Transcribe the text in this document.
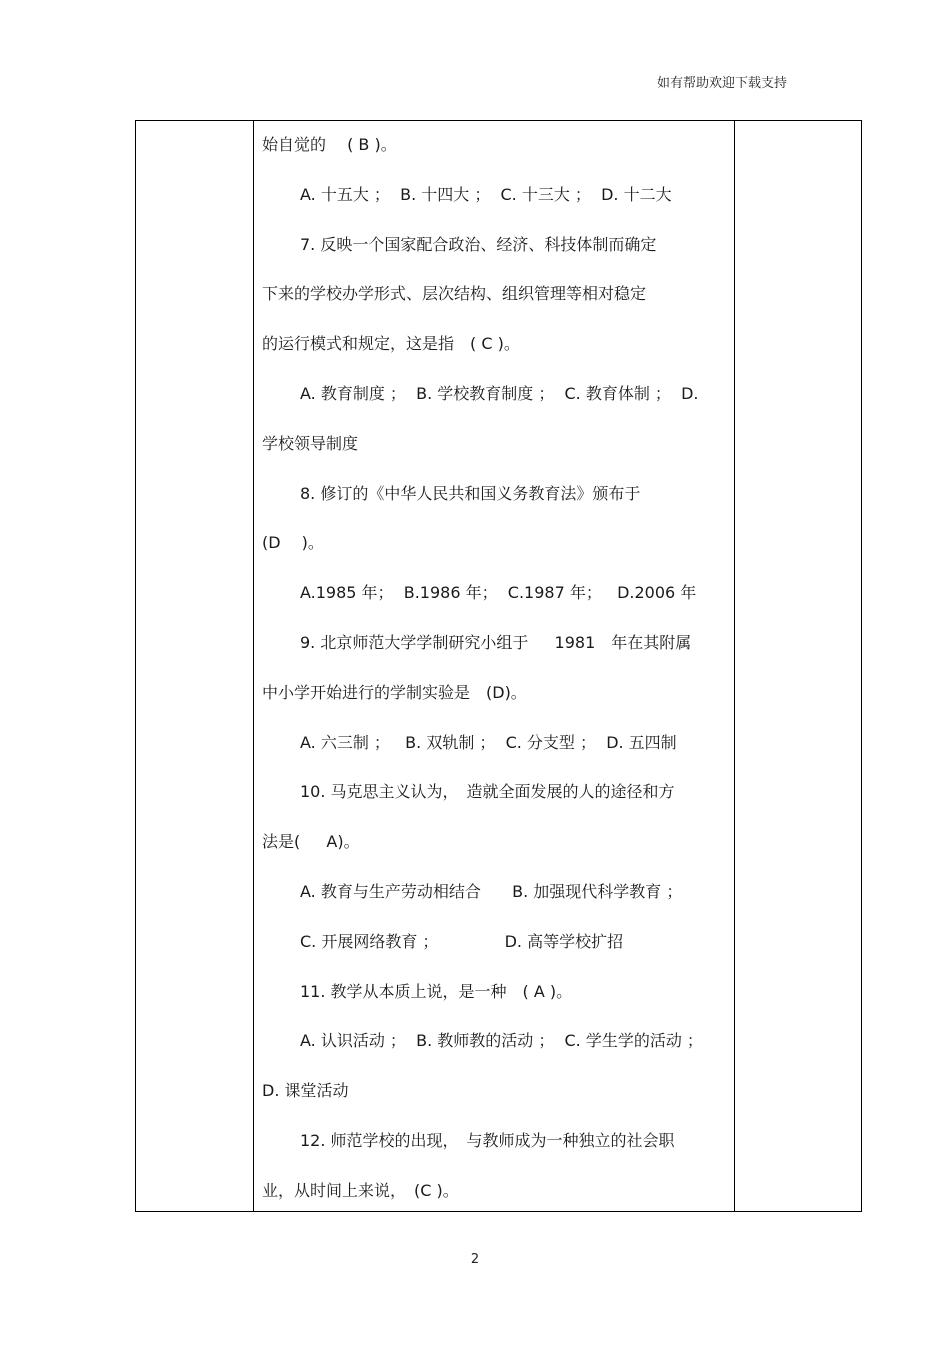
如有帮助欢迎下载支持
始自觉的　 ( B )。
A. 十五大 ；  B. 十四大 ；  C. 十三大 ；  D. 十二大
7. 反映一个国家配合政治、经济、科技体制而确定
下来的学校办学形式、层次结构、组织管理等相对稳定
的运行模式和规定，这是指　( C )。
A. 教育制度 ；  B. 学校教育制度 ；  C. 教育体制 ；  D.
学校领导制度
8. 修订的《中华人民共和国义务教育法》颁布于
(D　 )。
A.1985 年；  B.1986 年；  C.1987 年；   D.2006 年
9. 北京师范大学学制研究小组于　  1981　年在其附属
中小学开始进行的学制实验是　(D)。
A. 六三制 ；   B. 双轨制 ；  C. 分支型 ；  D. 五四制
10. 马克思主义认为，　造就全面发展的人的途径和方
法是(　  A)。
A. 教育与生产劳动相结合　   B. 加强现代科学教育 ；
C. 开展网络教育 ；　　　　  D. 高等学校扩招
11. 教学从本质上说，是一种　( A )。
A. 认识活动 ；  B. 教师教的活动 ；  C. 学生学的活动 ；
D. 课堂活动
12. 师范学校的出现，　与教师成为一种独立的社会职
业，从时间上来说，　(C )。
2
